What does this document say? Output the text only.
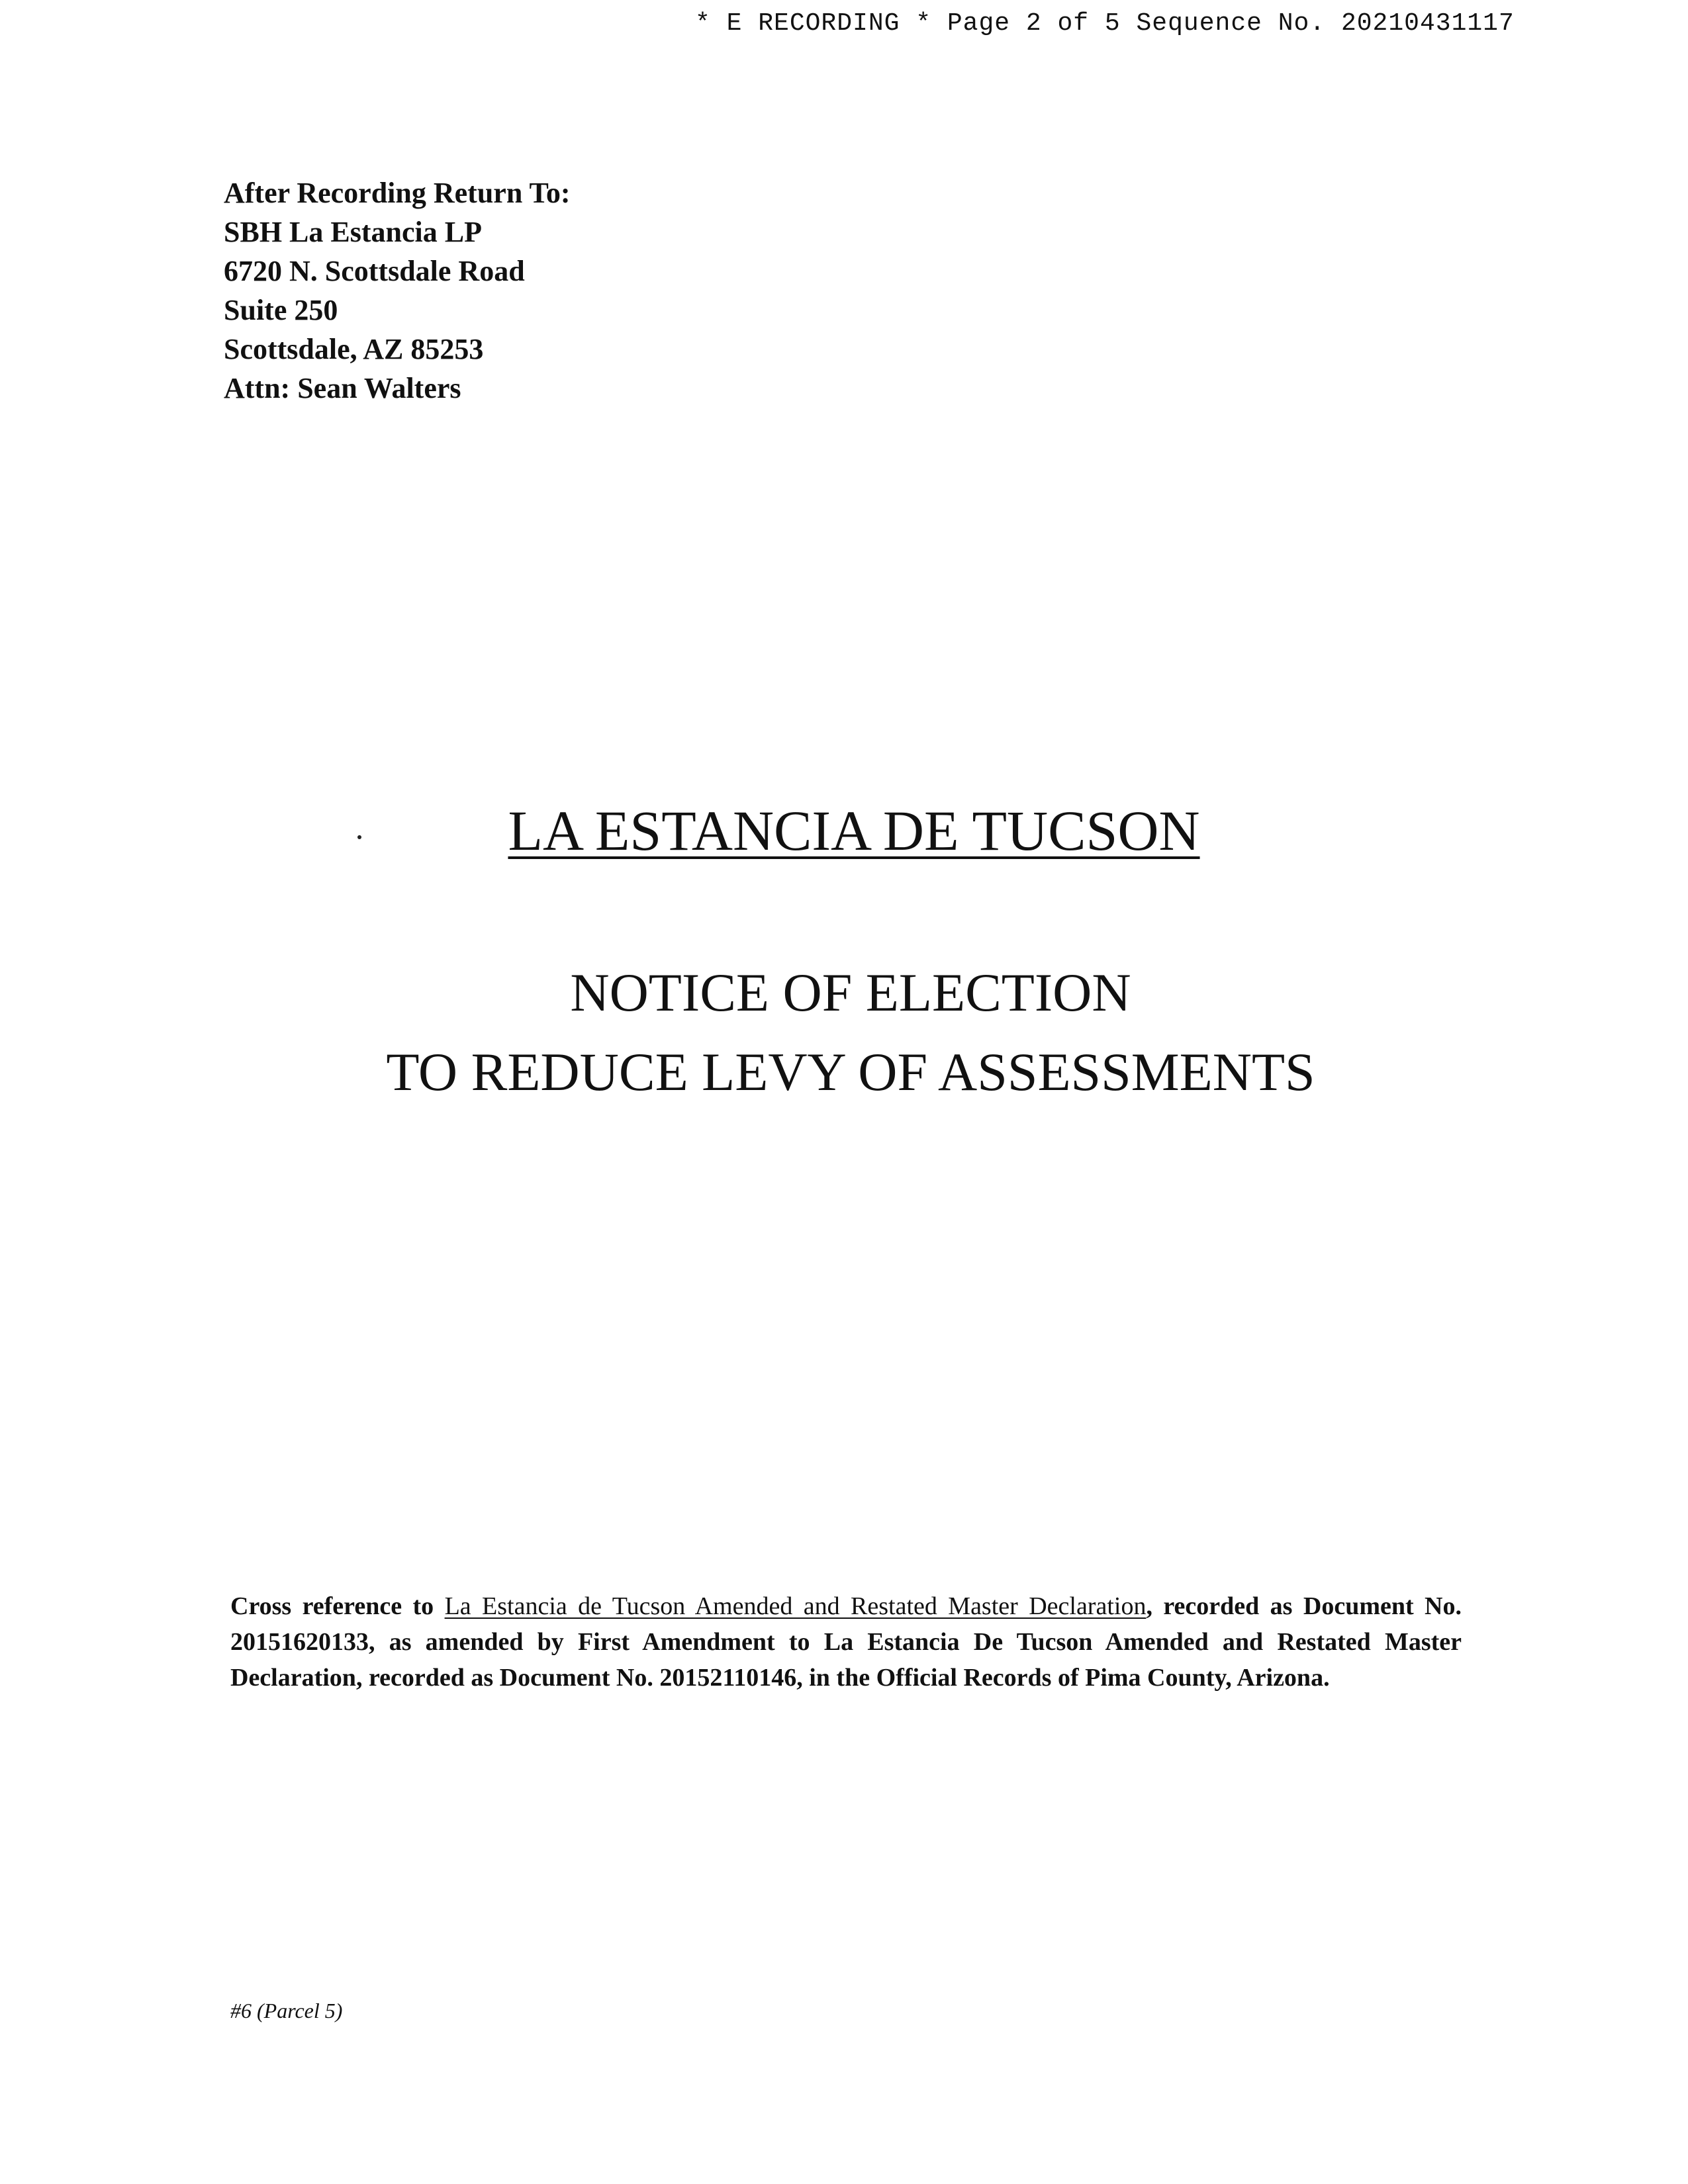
* E RECORDING * Page 2 of 5 Sequence No. 20210431117
After Recording Return To:
SBH La Estancia LP
6720 N. Scottsdale Road
Suite 250
Scottsdale, AZ 85253
Attn: Sean Walters
LA ESTANCIA DE TUCSON
NOTICE OF ELECTION
TO REDUCE LEVY OF ASSESSMENTS
Cross reference to La Estancia de Tucson Amended and Restated Master Declaration, recorded as Document No. 20151620133, as amended by First Amendment to La Estancia De Tucson Amended and Restated Master Declaration, recorded as Document No. 20152110146, in the Official Records of Pima County, Arizona.
#6 (Parcel 5)
